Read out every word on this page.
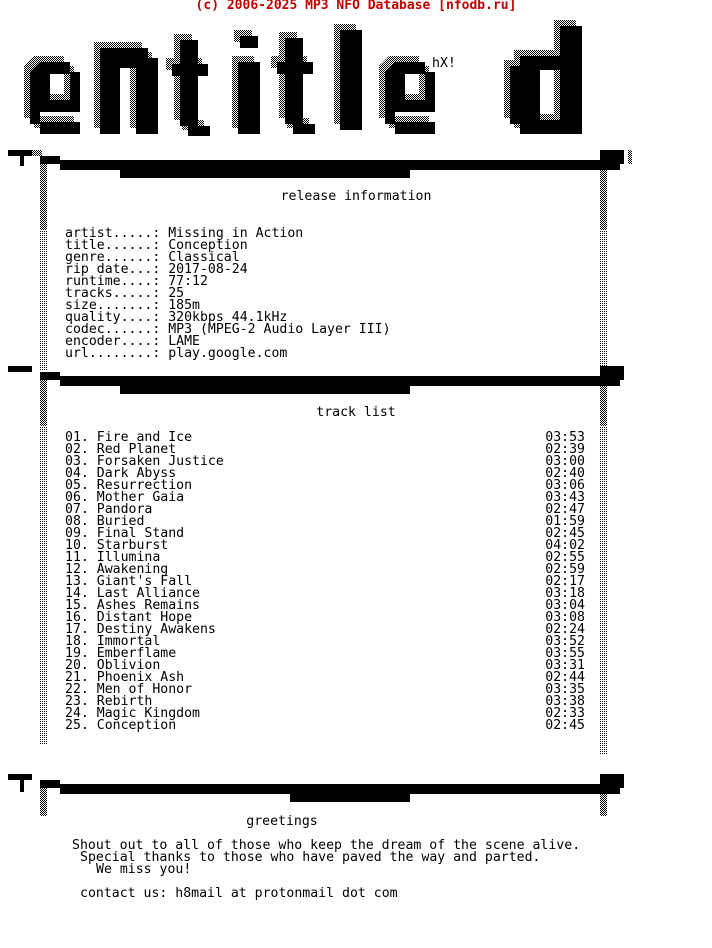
(c) 2006-2025 MP3 NFO Database [nfodb.ru]
hX!
release information
artist.....: Missing in Action
title......: Conception
genre......: Classical
rip date...: 2017-08-24
runtime....: 77:12
tracks.....: 25
size.......: 185m
quality....: 320kbps 44.1kHz
codec......: MP3 (MPEG-2 Audio Layer III)
encoder....: LAME
url........: play.google.com
track list
01. Fire and Ice	03:53
02. Red Planet	02:39
03. Forsaken Justice	03:00
04. Dark Abyss	02:40
05. Resurrection	03:06
06. Mother Gaia	03:43
07. Pandora	02:47
08. Buried	01:59
09. Final Stand	02:45
10. Starburst	04:02
11. Illumina	02:55
12. Awakening	02:59
13. Giant's Fall	02:17
14. Last Alliance	03:18
15. Ashes Remains	03:04
16. Distant Hope	03:08
17. Destiny Awakens	02:24
18. Immortal	03:52
19. Emberflame	03:55
20. Oblivion	03:31
21. Phoenix Ash	02:44
22. Men of Honor	03:35
23. Rebirth	03:38
24. Magic Kingdom	02:33
25. Conception	02:45
greetings
Shout out to all of those who keep the dream of the scene alive.
Special thanks to those who have paved the way and parted.
We miss you!
contact us: h8mail at protonmail dot com
